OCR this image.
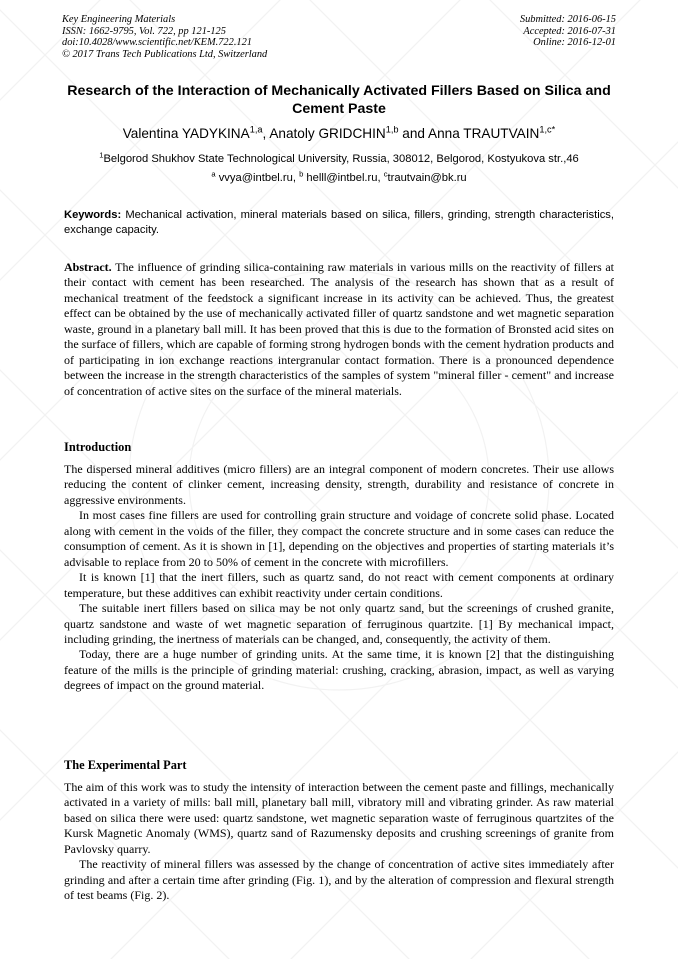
Key Engineering Materials
ISSN: 1662-9795, Vol. 722, pp 121-125
doi:10.4028/www.scientific.net/KEM.722.121
© 2017 Trans Tech Publications Ltd, Switzerland
Submitted: 2016-06-15
Accepted: 2016-07-31
Online: 2016-12-01
Research of the Interaction of Mechanically Activated Fillers Based on Silica and Cement Paste
Valentina YADYKINA$^{1,a}$, Anatoly GRIDCHIN$^{1,b}$ and Anna $TRAUTVAIN^{1,c*}$
$^1$Belgorod Shukhov State Technological University, Russia, 308012, Belgorod, Kostyukova str.,46
$^a$ vvya@intbel.ru, $^b$ helll@intbel.ru, $^c$trautvain@bk.ru
Keywords: Mechanical activation, mineral materials based on silica, fillers, grinding, strength characteristics, exchange capacity.
Abstract. The influence of grinding silica-containing raw materials in various mills on the reactivity of fillers at their contact with cement has been researched. The analysis of the research has shown that as a result of mechanical treatment of the feedstock a significant increase in its activity can be achieved. Thus, the greatest effect can be obtained by the use of mechanically activated filler of quartz sandstone and wet magnetic separation waste, ground in a planetary ball mill. It has been proved that this is due to the formation of Bronsted acid sites on the surface of fillers, which are capable of forming strong hydrogen bonds with the cement hydration products and of participating in ion exchange reactions intergranular contact formation. There is a pronounced dependence between the increase in the strength characteristics of the samples of system "mineral filler - cement" and increase of concentration of active sites on the surface of the mineral materials.
Introduction

The dispersed mineral additives (micro fillers) are an integral component of modern concretes. Their use allows reducing the content of clinker cement, increasing density, strength, durability and resistance of concrete in aggressive environments.

In most cases fine fillers are used for controlling grain structure and voidage of concrete solid phase. Located along with cement in the voids of the filler, they compact the concrete structure and in some cases can reduce the consumption of cement. As it is shown in [1], depending on the objectives and properties of starting materials it’s advisable to replace from 20 to 50% of cement in the concrete with microfillers.

It is known [1] that the inert fillers, such as quartz sand, do not react with cement components at ordinary temperature, but these additives can exhibit reactivity under certain conditions.

The suitable inert fillers based on silica may be not only quartz sand, but the screenings of crushed granite, quartz sandstone and waste of wet magnetic separation of ferruginous quartzite. [1] By mechanical impact, including grinding, the inertness of materials can be changed, and, consequently, the activity of them.

Today, there are a huge number of grinding units. At the same time, it is known [2] that the distinguishing feature of the mills is the principle of grinding material: crushing, cracking, abrasion, impact, as well as varying degrees of impact on the ground material.

The Experimental Part

The aim of this work was to study the intensity of interaction between the cement paste and fillings, mechanically activated in a variety of mills: ball mill, planetary ball mill, vibratory mill and vibrating grinder. As raw material based on silica there were used: quartz sandstone, wet magnetic separation waste of ferruginous quartzites of the Kursk Magnetic Anomaly (WMS), quartz sand of Razumensky deposits and crushing screenings of granite from Pavlovsky quarry.

The reactivity of mineral fillers was assessed by the change of concentration of active sites immediately after grinding and after a certain time after grinding (Fig. 1), and by the alteration of compression and flexural strength of test beams (Fig. 2).
